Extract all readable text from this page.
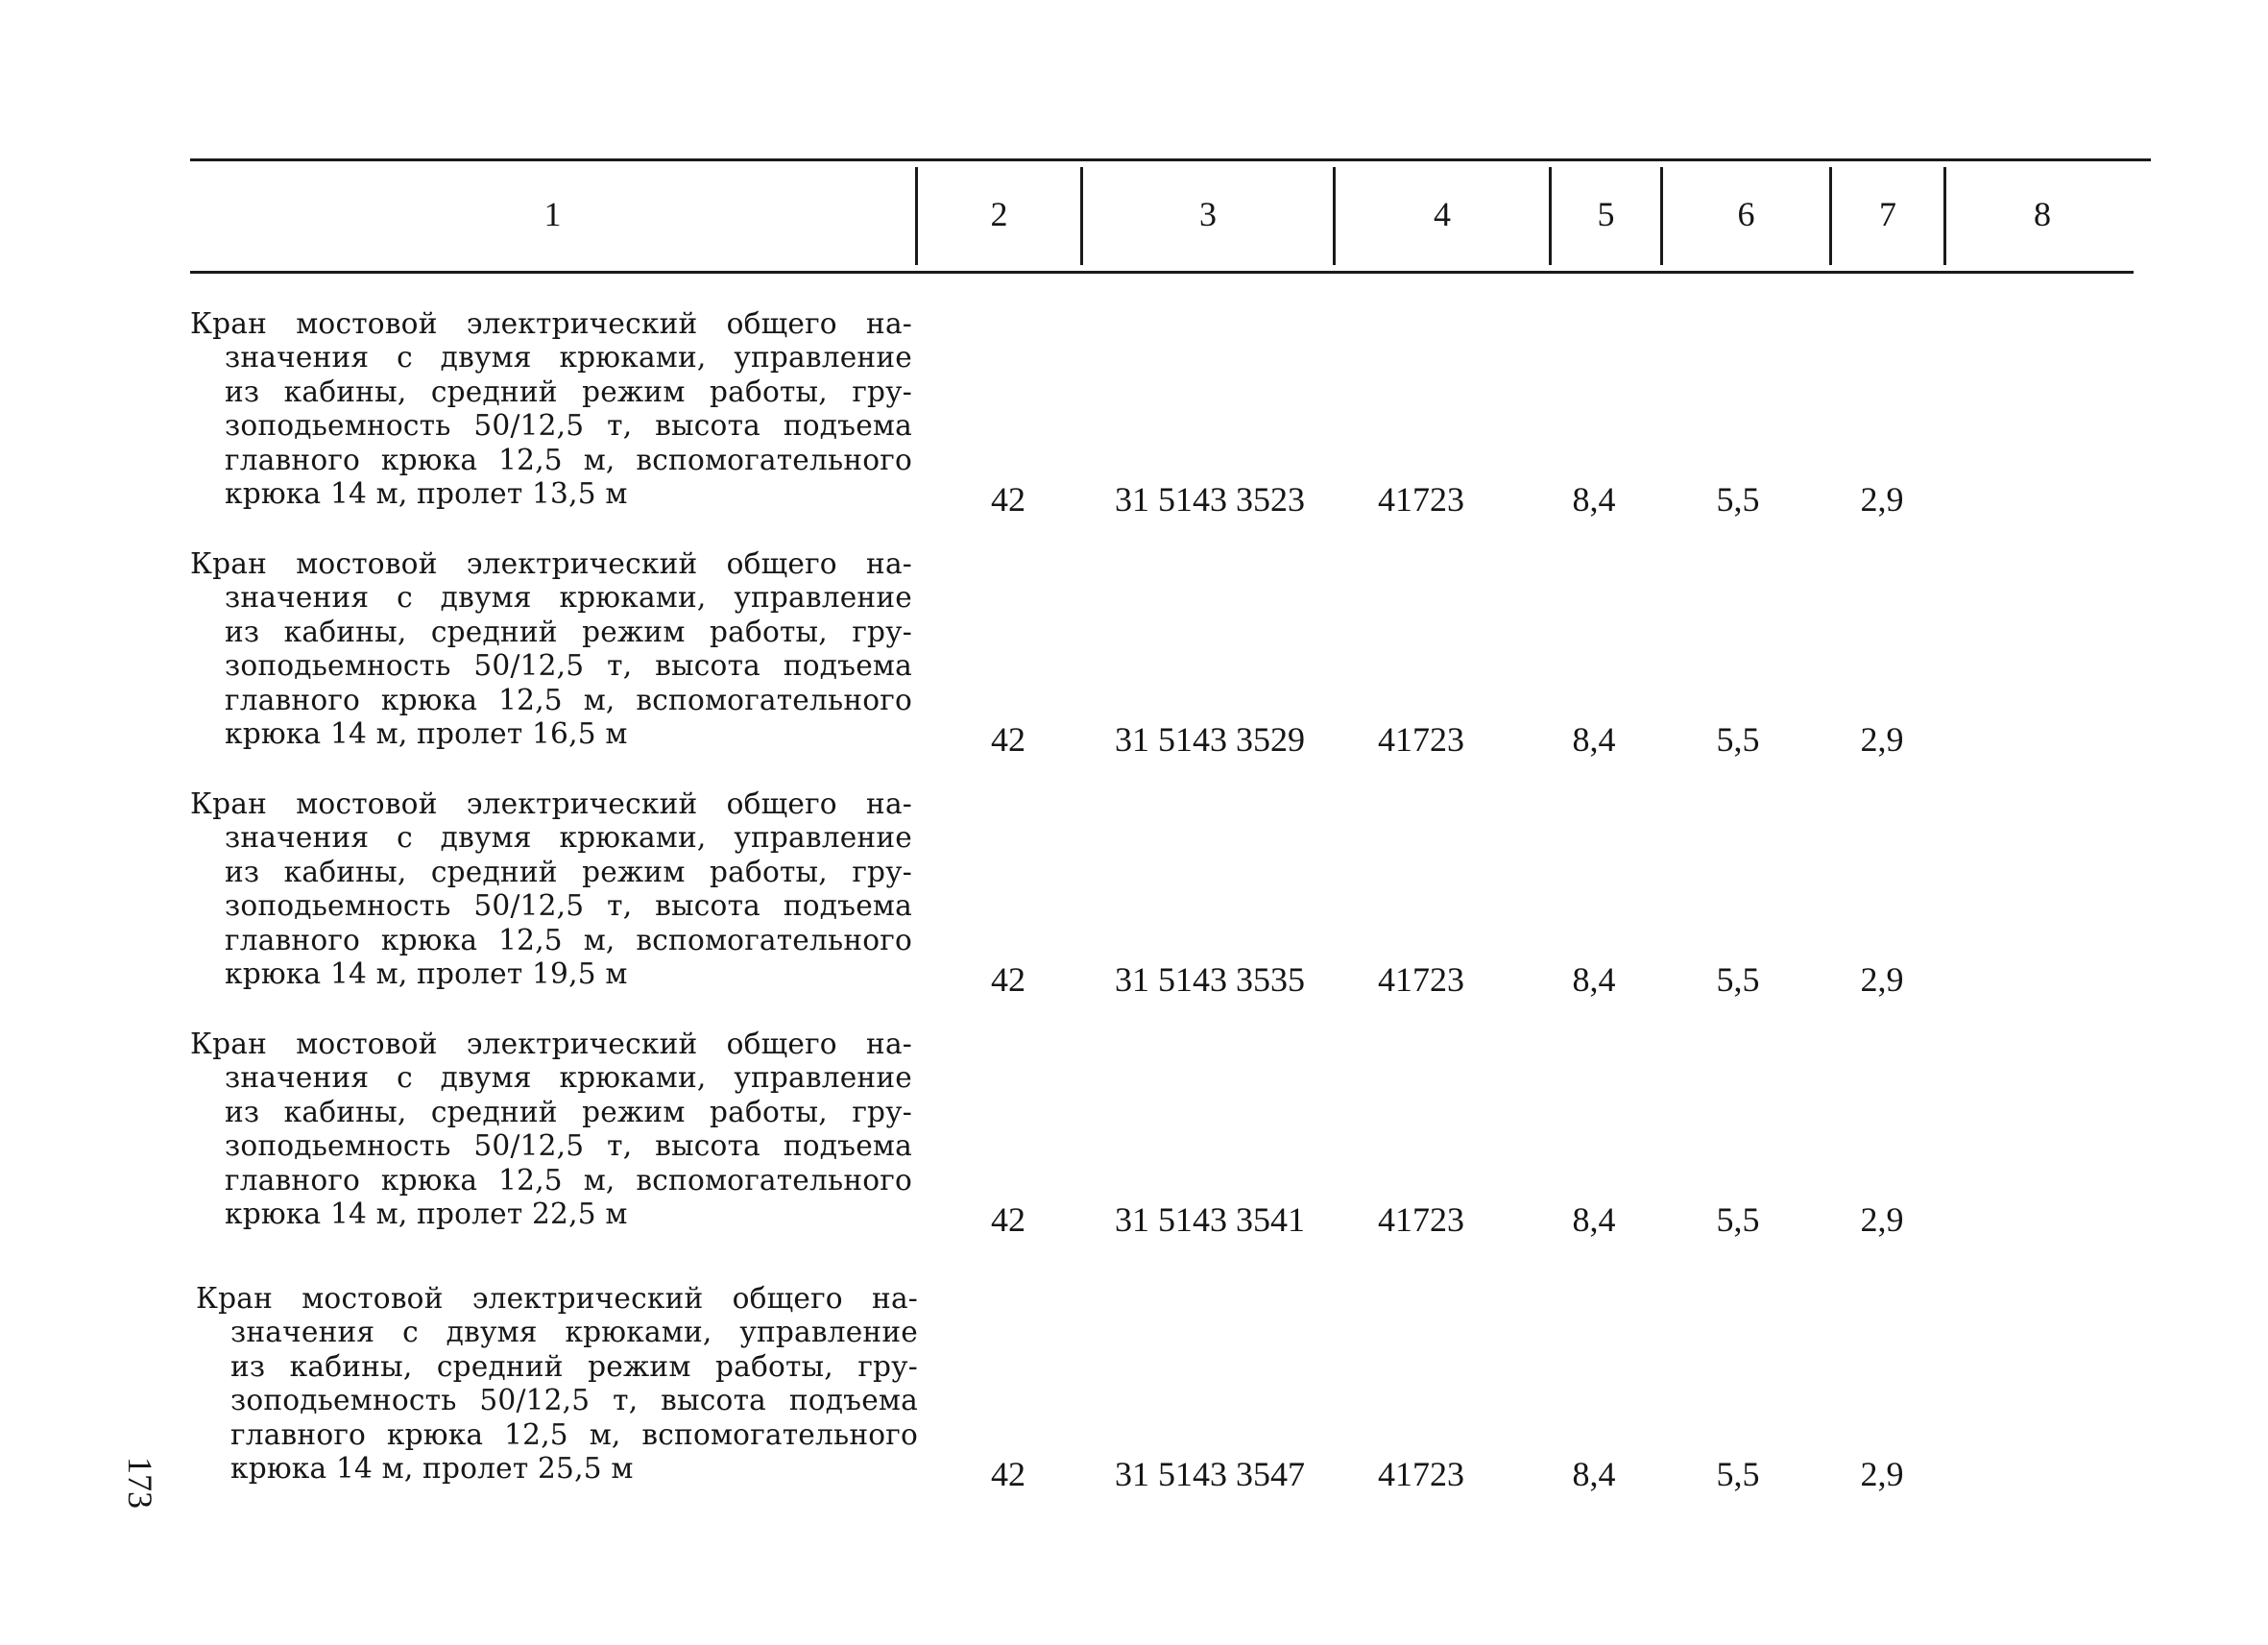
1	2	3	4	5	6	7	8
Кран мостовой электрический общего на-
значения с двумя крюками, управление
из кабины, средний режим работы, гру-
зоподьемность 50/12,5 т, высота подъема
главного крюка 12,5 м, вспомогательного
крюка 14 м, пролет 13,5 м	42	31 5143 3523	41723	8,4	5,5	2,9
Кран мостовой электрический общего на-
значения с двумя крюками, управление
из кабины, средний режим работы, гру-
зоподьемность 50/12,5 т, высота подъема
главного крюка 12,5 м, вспомогательного
крюка 14 м, пролет 16,5 м	42	31 5143 3529	41723	8,4	5,5	2,9
Кран мостовой электрический общего на-
значения с двумя крюками, управление
из кабины, средний режим работы, гру-
зоподьемность 50/12,5 т, высота подъема
главного крюка 12,5 м, вспомогательного
крюка 14 м, пролет 19,5 м	42	31 5143 3535	41723	8,4	5,5	2,9
Кран мостовой электрический общего на-
значения с двумя крюками, управление
из кабины, средний режим работы, гру-
зоподьемность 50/12,5 т, высота подъема
главного крюка 12,5 м, вспомогательного
крюка 14 м, пролет 22,5 м	42	31 5143 3541	41723	8,4	5,5	2,9
Кран мостовой электрический общего на-
значения с двумя крюками, управление
из кабины, средний режим работы, гру-
зоподьемность 50/12,5 т, высота подъема
главного крюка 12,5 м, вспомогательного
крюка 14 м, пролет 25,5 м	42	31 5143 3547	41723	8,4	5,5	2,9
173
